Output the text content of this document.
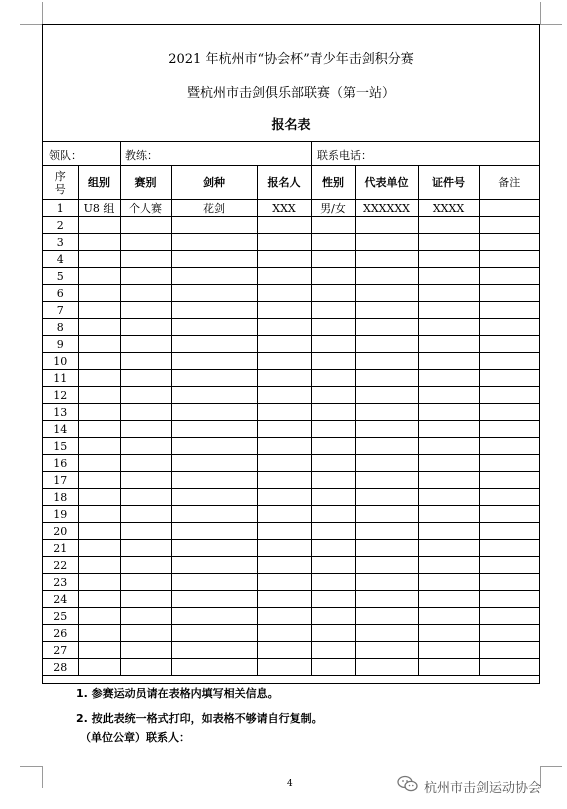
2021 年杭州市“协会杯”青少年击剑积分赛
暨杭州市击剑俱乐部联赛（第一站）
报名表
领队：	教练：	联系电话：
序号	组别	赛别	剑种	报名人	性别	代表单位	证件号	备注
1	U8 组	个人赛	花剑	XXX	男/女	XXXXXX	XXXX	
2								
3								
4								
5								
6								
7								
8								
9								
10								
11								
12								
13								
14								
15								
16								
17								
18								
19								
20								
21								
22								
23								
24								
25								
26								
27								
28								
1. 参赛运动员请在表格内填写相关信息。
2. 按此表统一格式打印，如表格不够请自行复制。
（单位公章）联系人：
4	杭州市击剑运动协会
